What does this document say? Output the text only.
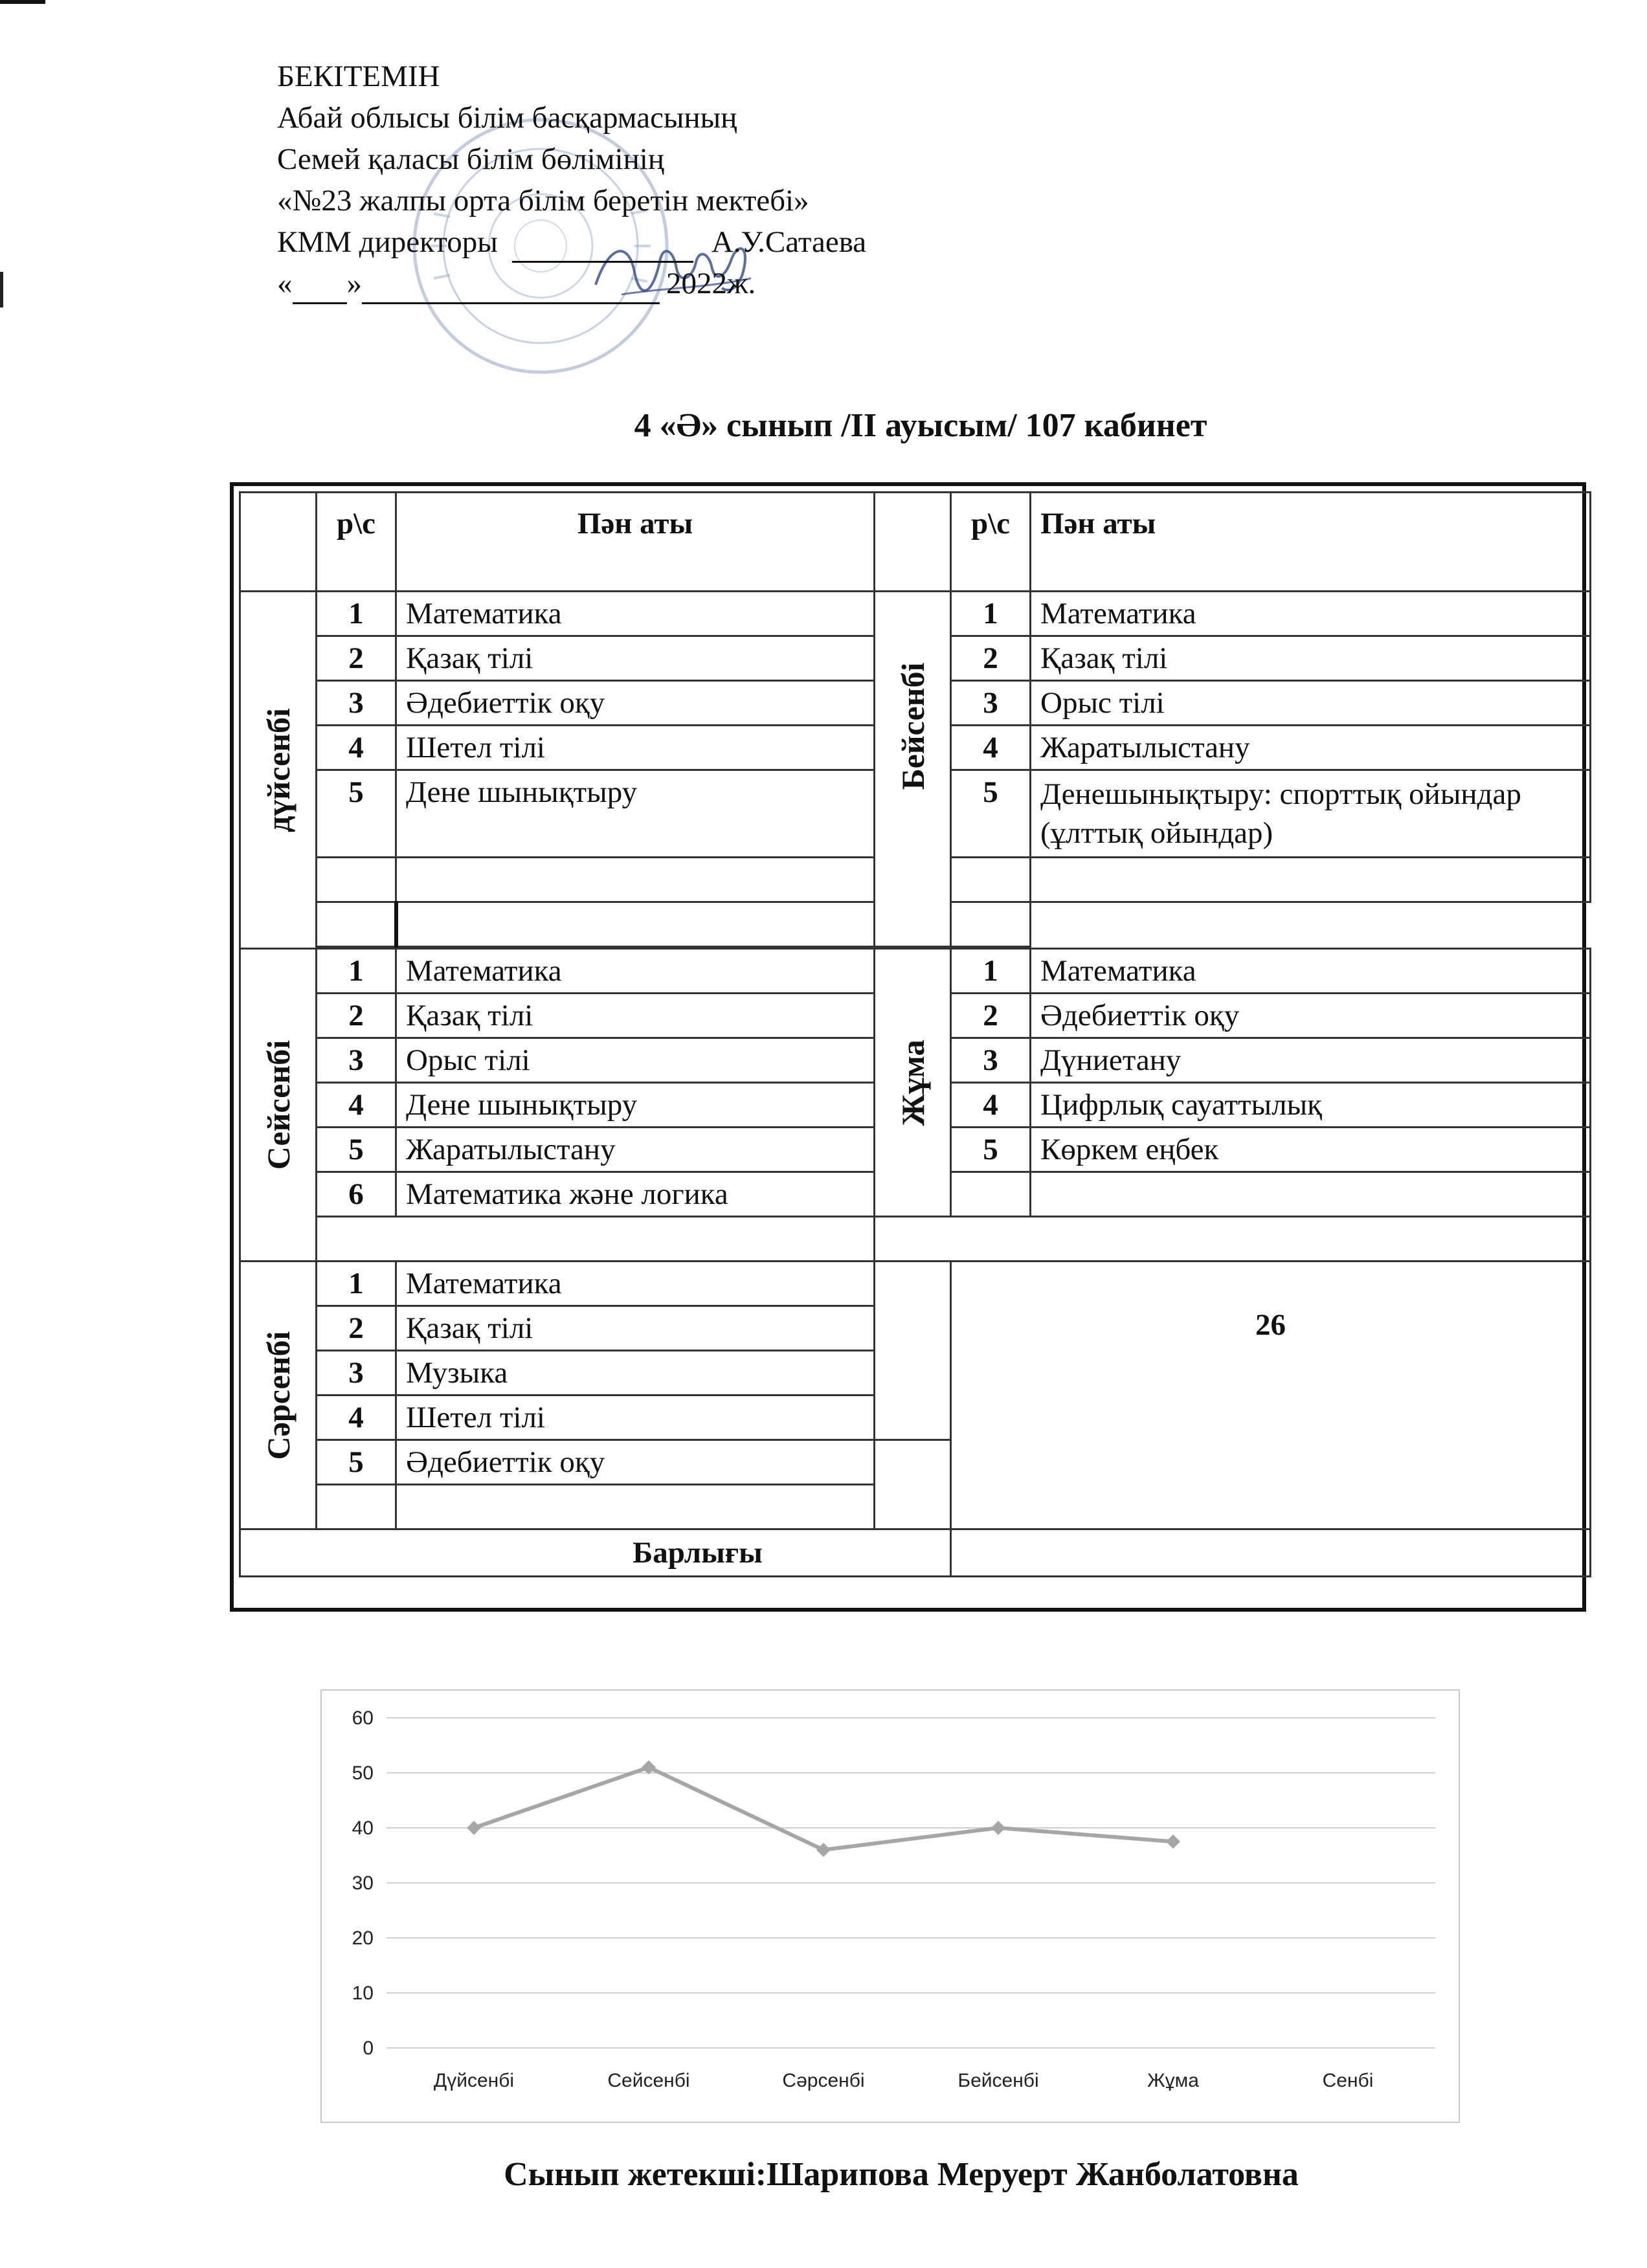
БЕКІТЕМІН
Абай облысы білім басқармасының
Семей қаласы білім бөлімінің
«№23 жалпы орта білім беретін мектебі»
КММ директоры	А.У.Сатаева
« »	2022ж.
4 «Ә» сынып /II ауысым/ 107 кабинет
	р\с	Пән аты		р\с	Пән аты

дүйсенбі	1	Математика	Бейсенбі	1	Математика
	2	Қазақ тілі		2	Қазақ тілі
	3	Әдебиеттік оқу		3	Орыс тілі
	4	Шетел тілі		4	Жаратылыстану
	5	Дене шынықтыру		5	Денешынықтыру: спорттық ойындар (ұлттық ойындар)

Сейсенбі	1	Математика	Жұма	1	Математика
	2	Қазақ тілі		2	Әдебиеттік оқу
	3	Орыс тілі		3	Дүниетану
	4	Дене шынықтыру		4	Цифрлық сауаттылық
	5	Жаратылыстану		5	Көркем еңбек
	6	Математика және логика			

Сәрсенбі	1	Математика		26	
	2	Қазақ тілі			
	3	Музыка			
	4	Шетел тілі			
	5	Әдебиеттік оқу			

Барлығы					
0
10
20
30
40
50
60
Дүйсенбі	Сейсенбі	Сәрсенбі	Бейсенбі	Жұма	Сенбі
Сынып жетекші:Шарипова Меруерт Жанболатовна
